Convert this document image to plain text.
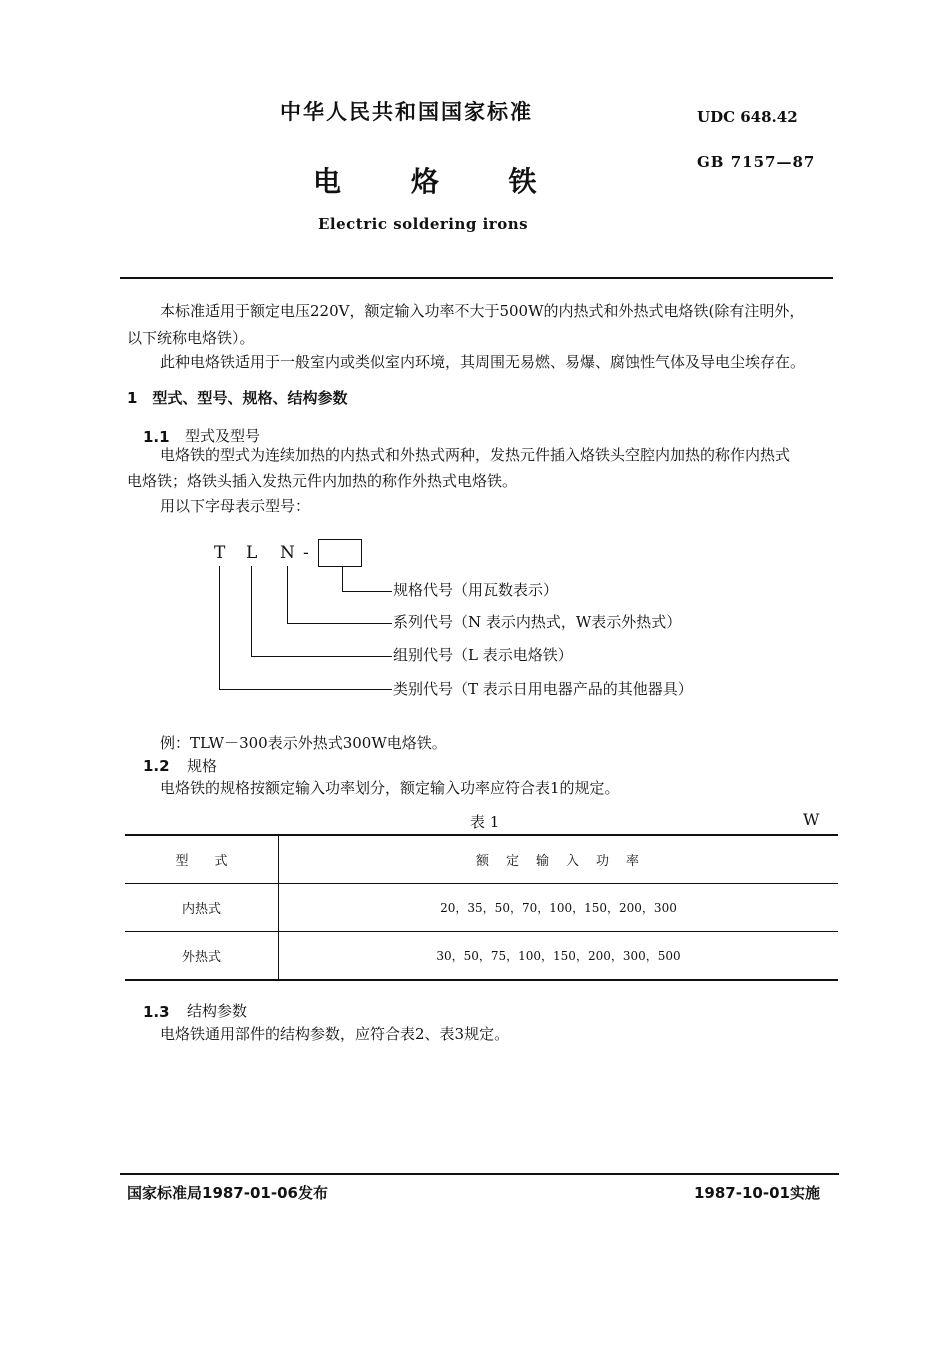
中华人民共和国国家标准	UDC 648.42
GB 7157—87
电 烙 铁
Electric soldering irons
本标准适用于额定电压220V，额定输入功率不大于500W的内热式和外热式电烙铁(除有注明外，
以下统称电烙铁）。
此种电烙铁适用于一般室内或类似室内环境，其周围无易燃、易爆、腐蚀性气体及导电尘埃存在。
1　型式、型号、规格、结构参数
1.1 型式及型号
电烙铁的型式为连续加热的内热式和外热式两种，发热元件插入烙铁头空腔内加热的称作内热式
电烙铁；烙铁头插入发热元件内加热的称作外热式电烙铁。
用以下字母表示型号：
T L N -
规格代号（用瓦数表示）
系列代号（N 表示内热式，W表示外热式）
组别代号（L 表示电烙铁）
类别代号（T 表示日用电器产品的其他器具）
例：TLW－300表示外热式300W电烙铁。
1.2 规格
电烙铁的规格按额定输入功率划分，额定输入功率应符合表1的规定。
表 1	W
型　　式	额　定　输　入　功　率
内热式	20，35，50，70，100，150，200，300
外热式	30，50，75，100，150，200，300，500
1.3 结构参数
电烙铁通用部件的结构参数，应符合表2、表3规定。
国家标准局1987-01-06发布	1987-10-01实施
